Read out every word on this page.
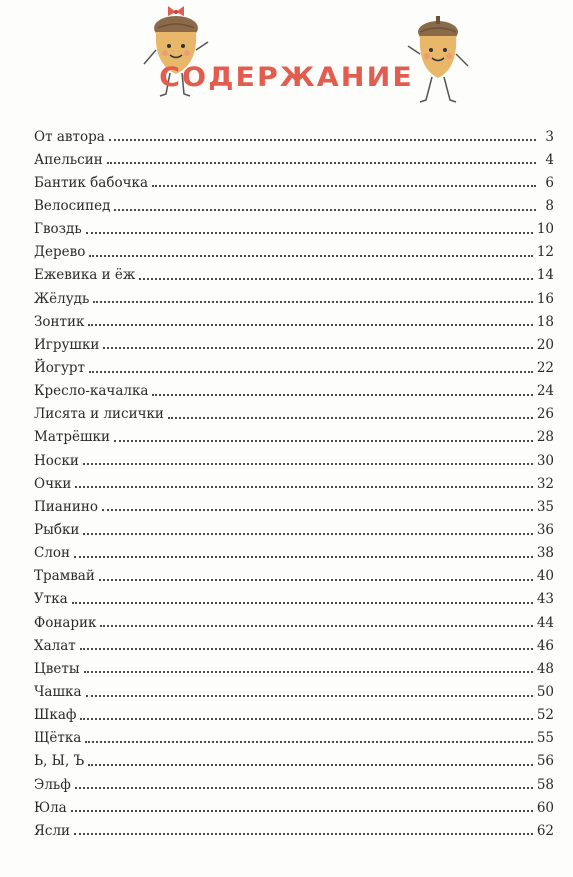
СОДЕРЖАНИЕ
От автора	3
Апельсин	4
Бантик бабочка	6
Велосипед	8
Гвоздь	10
Дерево	12
Ежевика и ёж	14
Жёлудь	16
Зонтик	18
Игрушки	20
Йогурт	22
Кресло-качалка	24
Лисята и лисички	26
Матрёшки	28
Носки	30
Очки	32
Пианино	35
Рыбки	36
Слон	38
Трамвай	40
Утка	43
Фонарик	44
Халат	46
Цветы	48
Чашка	50
Шкаф	52
Щётка	55
Ь, Ы, Ъ	56
Эльф	58
Юла	60
Ясли	62
